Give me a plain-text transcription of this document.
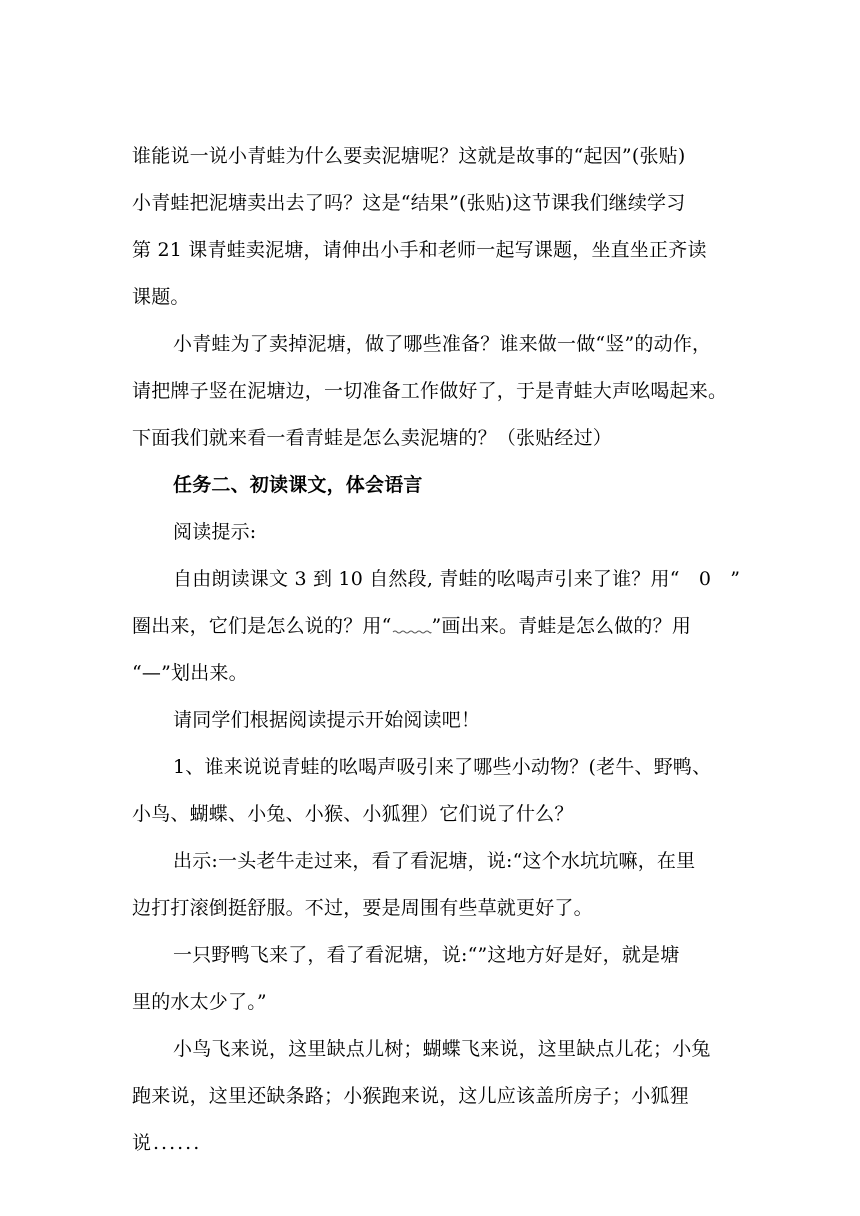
谁能说一说小青蛙为什么要卖泥塘呢？这就是故事的“起因”(张贴)
小青蛙把泥塘卖出去了吗？这是“结果”(张贴)这节课我们继续学习
第 21 课青蛙卖泥塘，请伸出小手和老师一起写课题，坐直坐正齐读
课题。
小青蛙为了卖掉泥塘，做了哪些准备？谁来做一做“竖”的动作，
请把牌子竖在泥塘边，一切准备工作做好了，于是青蛙大声吆喝起来。
下面我们就来看一看青蛙是怎么卖泥塘的？（张贴经过）
任务二、初读课文，体会语言
阅读提示:
自由朗读课文 3 到 10 自然段, 青蛙的吆喝声引来了谁？用“　0　”
圈出来，它们是怎么说的？用“ ”画出来。青蛙是怎么做的？用
“—”划出来。
请同学们根据阅读提示开始阅读吧！
1、谁来说说青蛙的吆喝声吸引来了哪些小动物？(老牛、野鸭、
小鸟、蝴蝶、小兔、小猴、小狐狸）它们说了什么？
出示:一头老牛走过来，看了看泥塘，说:“这个水坑坑嘛，在里
边打打滚倒挺舒服。不过，要是周围有些草就更好了。
一只野鸭飞来了，看了看泥塘，说:“”这地方好是好，就是塘
里的水太少了。”
小鸟飞来说，这里缺点儿树；蝴蝶飞来说，这里缺点儿花；小兔
跑来说，这里还缺条路；小猴跑来说，这儿应该盖所房子；小狐狸
说......
